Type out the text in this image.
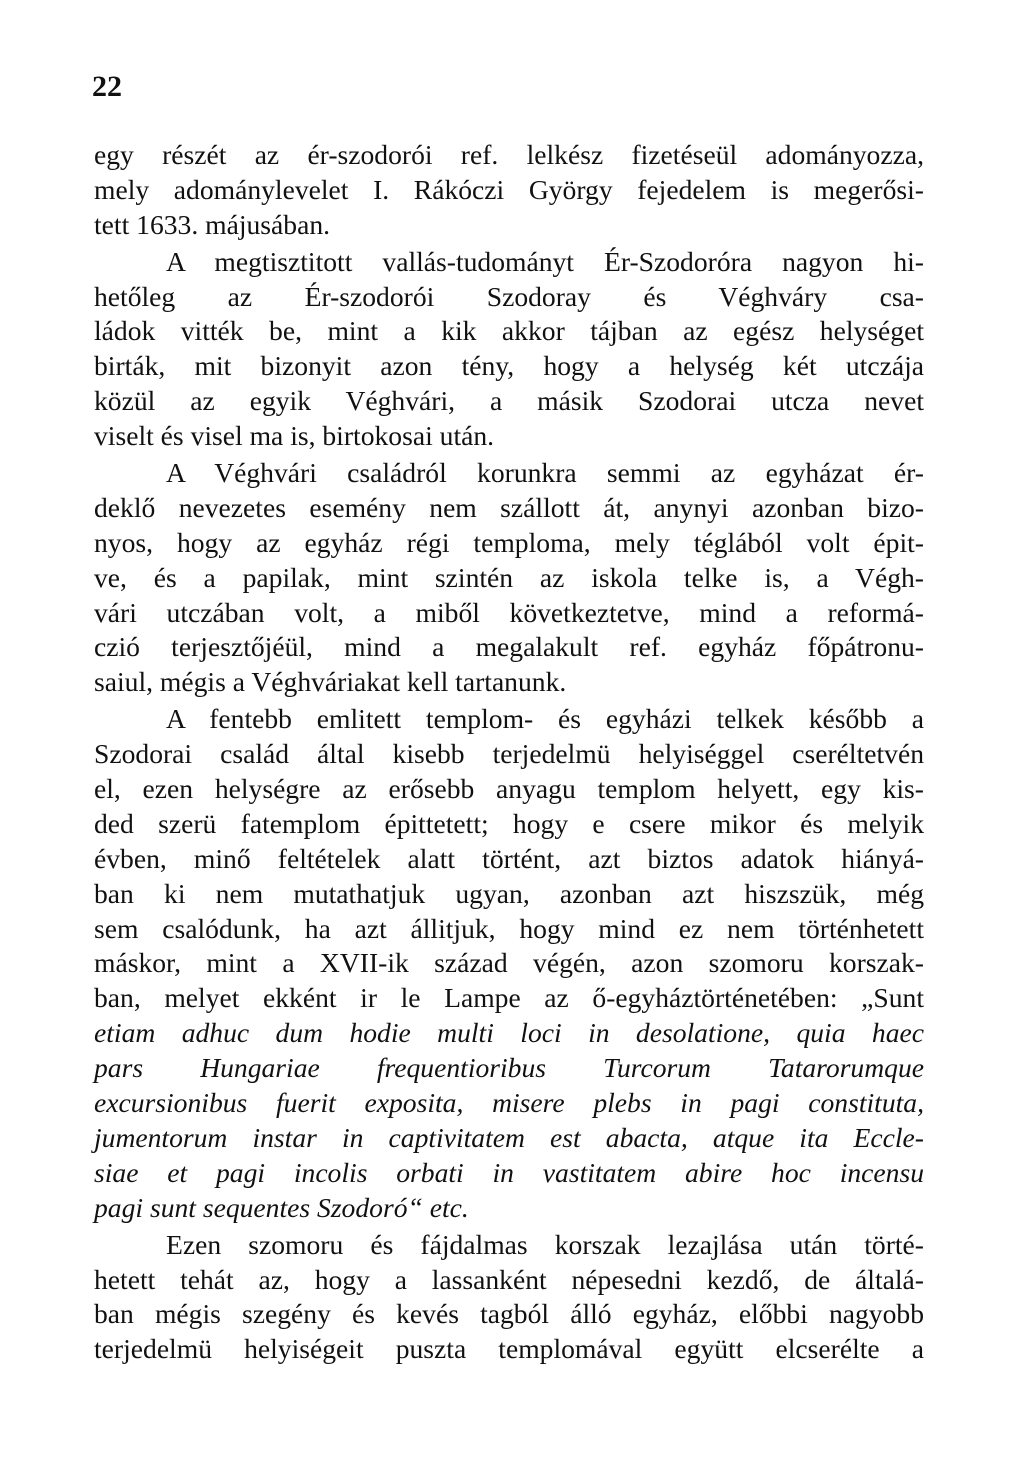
22
egy részét az ér-szodorói ref. lelkész fizetéseül adományozza,
mely adománylevelet I. Rákóczi György fejedelem is megerősi-
tett 1633. májusában.
A megtisztitott vallás-tudományt Ér-Szodoróra nagyon hi-
hetőleg az Ér-szodorói Szodoray és Véghváry csa-
ládok vitték be, mint a kik akkor tájban az egész helységet
birták, mit bizonyit azon tény, hogy a helység két utczája
közül az egyik Véghvári, a másik Szodorai utcza nevet
viselt és visel ma is, birtokosai után.
A Véghvári családról korunkra semmi az egyházat ér-
deklő nevezetes esemény nem szállott át, anynyi azonban bizo-
nyos, hogy az egyház régi temploma, mely téglából volt épit-
ve, és a papilak, mint szintén az iskola telke is, a Végh-
vári utczában volt, a miből következtetve, mind a reformá-
czió terjesztőjéül, mind a megalakult ref. egyház főpátronu-
saiul, mégis a Véghváriakat kell tartanunk.
A fentebb emlitett templom- és egyházi telkek később a
Szodorai család által kisebb terjedelmü helyiséggel cseréltetvén
el, ezen helységre az erősebb anyagu templom helyett, egy kis-
ded szerü fatemplom épittetett; hogy e csere mikor és melyik
évben, minő feltételek alatt történt, azt biztos adatok hiányá-
ban ki nem mutathatjuk ugyan, azonban azt hiszszük, még
sem csalódunk, ha azt állitjuk, hogy mind ez nem történhetett
máskor, mint a XVII-ik század végén, azon szomoru korszak-
ban, melyet ekként ir le Lampe az ő-egyháztörténetében: „Sunt
etiam adhuc dum hodie multi loci in desolatione, quia haec
pars Hungariae frequentioribus Turcorum Tatarorumque
excursionibus fuerit exposita, misere plebs in pagi constituta,
jumentorum instar in captivitatem est abacta, atque ita Eccle-
siae et pagi incolis orbati in vastitatem abire hoc incensu
pagi sunt sequentes Szodoró“ etc.
Ezen szomoru és fájdalmas korszak lezajlása után törté-
hetett tehát az, hogy a lassanként népesedni kezdő, de általá-
ban mégis szegény és kevés tagból álló egyház, előbbi nagyobb
terjedelmü helyiségeit puszta templomával együtt elcserélte a
